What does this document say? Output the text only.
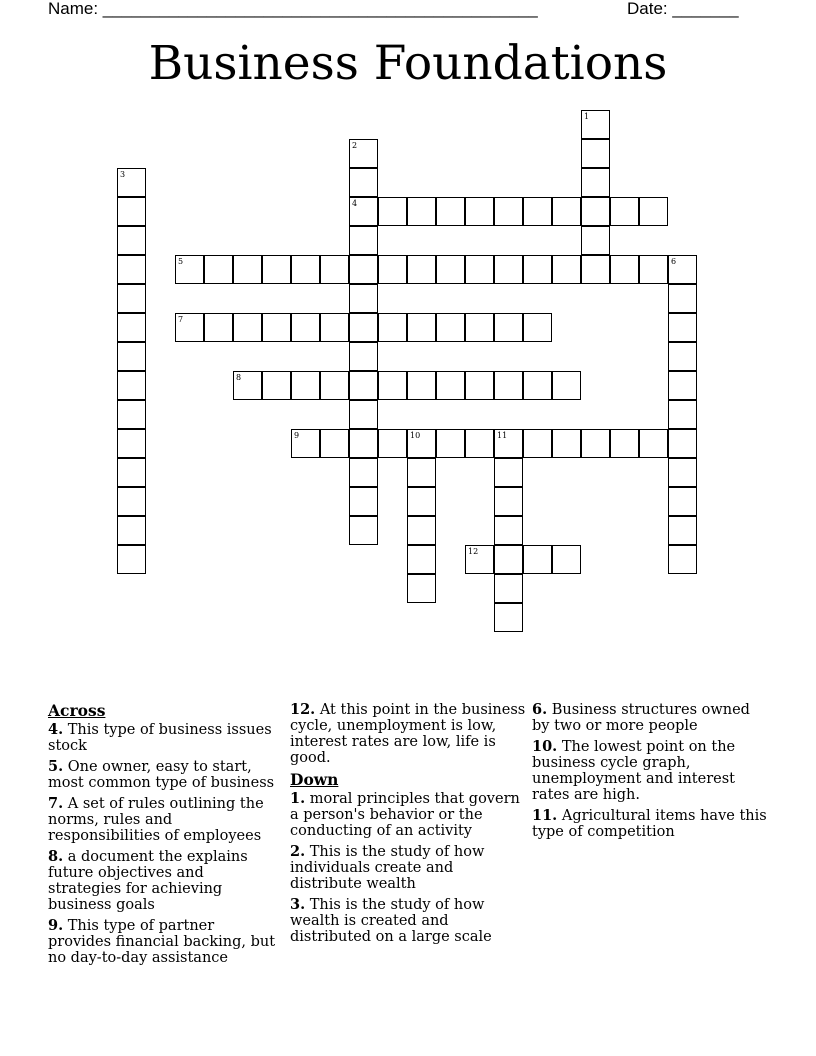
Name: ______________________________________________	Date: _______
Business Foundations
1
2
4
3
5	6
7
8
9	10	11
12
Across
4. This type of business issues stock
5. One owner, easy to start, most common type of business
7. A set of rules outlining the norms, rules and responsibilities of employees
8. a document the explains future objectives and strategies for achieving business goals
9. This type of partner provides financial backing, but no day-to-day assistance
12. At this point in the business cycle, unemployment is low, interest rates are low, life is good.
Down
1. moral principles that govern a person's behavior or the conducting of an activity
2. This is the study of how individuals create and distribute wealth
3. This is the study of how wealth is created and distributed on a large scale
6. Business structures owned by two or more people
10. The lowest point on the business cycle graph, unemployment and interest rates are high.
11. Agricultural items have this type of competition
